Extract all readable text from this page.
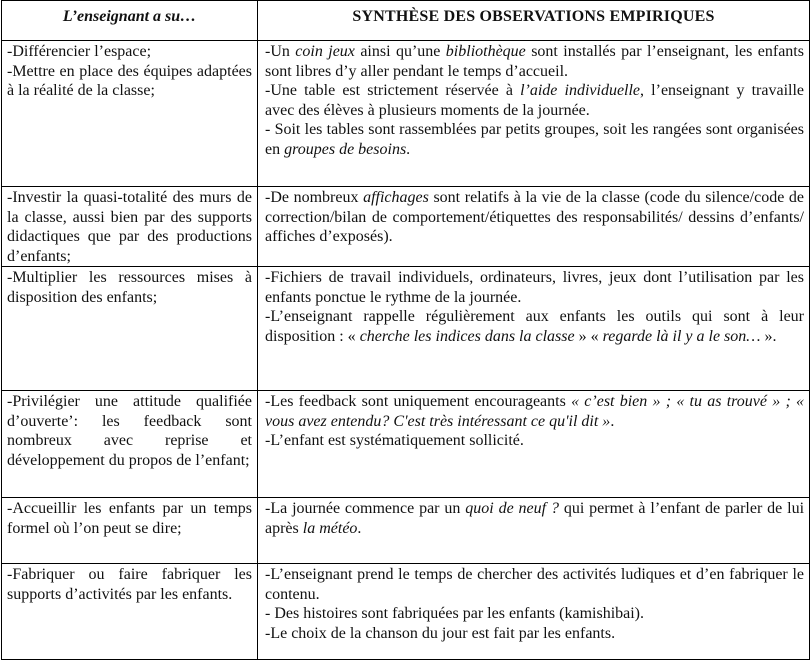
L’enseignant a su…	SYNTHÈSE DES OBSERVATIONS EMPIRIQUES

-Différencier l’espace;
-Mettre en place des équipes adaptées à la réalité de la classe;	-Un coin jeux ainsi qu’une bibliothèque sont installés par l’enseignant, les enfants sont libres d’y aller pendant le temps d’accueil.
-Une table est strictement réservée à l’aide individuelle, l’enseignant y travaille avec des élèves à plusieurs moments de la journée.
- Soit les tables sont rassemblées par petits groupes, soit les rangées sont organisées en groupes de besoins.

-Investir la quasi-totalité des murs de la classe, aussi bien par des supports didactiques que par des productions d’enfants;	-De nombreux affichages sont relatifs à la vie de la classe (code du silence/code de correction/bilan de comportement/étiquettes des responsabilités/ dessins d’enfants/ affiches d’exposés).

-Multiplier les ressources mises à disposition des enfants;	-Fichiers de travail individuels, ordinateurs, livres, jeux dont l’utilisation par les enfants ponctue le rythme de la journée.
-L’enseignant rappelle régulièrement aux enfants les outils qui sont à leur disposition : « cherche les indices dans la classe » « regarde là il y a le son… ».

-Privilégier une attitude qualifiée d’ouverte’: les feedback sont nombreux avec reprise et développement du propos de l’enfant;	-Les feedback sont uniquement encourageants « c’est bien » ; « tu as trouvé » ; « vous avez entendu? C'est très intéressant ce qu'il dit ».
-L’enfant est systématiquement sollicité.

-Accueillir les enfants par un temps formel où l’on peut se dire;	-La journée commence par un quoi de neuf ? qui permet à l’enfant de parler de lui après la météo.

-Fabriquer ou faire fabriquer les supports d’activités par les enfants.	-L’enseignant prend le temps de chercher des activités ludiques et d’en fabriquer le contenu.
- Des histoires sont fabriquées par les enfants (kamishibai).
-Le choix de la chanson du jour est fait par les enfants.
